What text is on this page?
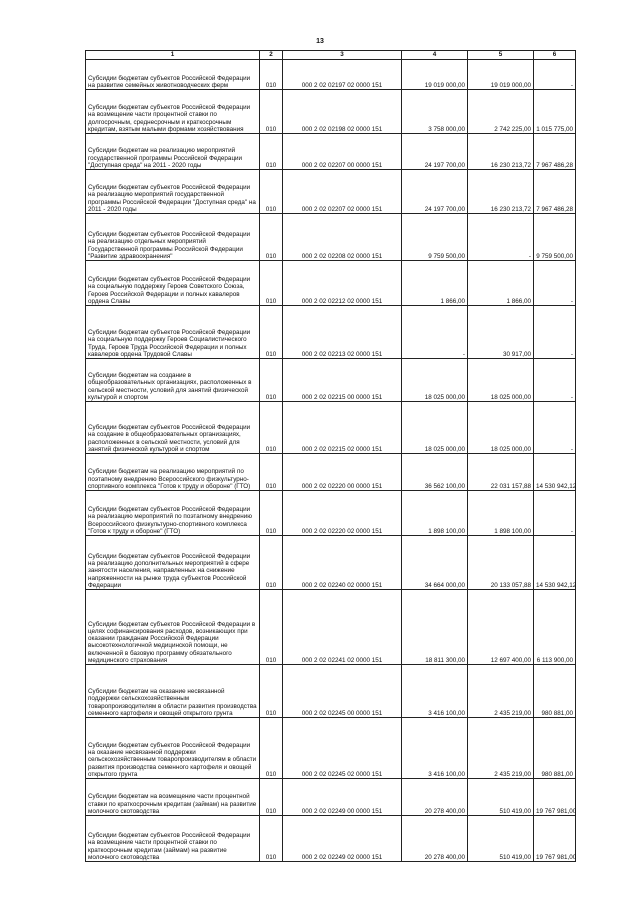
13
1	2	3	4	5	6
Субсидии бюджетам субъектов Российской Федерации на развитие семейных животноводческих ферм	010	000 2 02 02197 02 0000 151	19 019 000,00	19 019 000,00	-
Субсидии бюджетам субъектов Российской Федерации на возмещение части процентной ставки по долгосрочным, среднесрочным и краткосрочным кредитам, взятым малыми формами хозяйствования	010	000 2 02 02198 02 0000 151	3 758 000,00	2 742 225,00	1 015 775,00
Субсидии бюджетам на реализацию мероприятий государственной программы Российской Федерации "Доступная среда" на 2011 - 2020 годы	010	000 2 02 02207 00 0000 151	24 197 700,00	16 230 213,72	7 967 486,28
Субсидии бюджетам субъектов Российской Федерации на реализацию мероприятий государственной программы Российской Федерации "Доступная среда" на 2011 - 2020 годы	010	000 2 02 02207 02 0000 151	24 197 700,00	16 230 213,72	7 967 486,28
Субсидии бюджетам субъектов Российской Федерации на реализацию отдельных мероприятий Государственной программы Российской Федерации "Развитие здравоохранения"	010	000 2 02 02208 02 0000 151	9 759 500,00	-	9 759 500,00
Субсидии бюджетам субъектов Российской Федерации на социальную поддержку Героев Советского Союза, Героев Российской Федерации и полных кавалеров ордена Славы	010	000 2 02 02212 02 0000 151	1 866,00	1 866,00	-
Субсидии бюджетам субъектов Российской Федерации на социальную поддержку Героев Социалистического Труда, Героев Труда Российской Федерации и полных кавалеров ордена Трудовой Славы	010	000 2 02 02213 02 0000 151	-	30 917,00	-
Субсидии бюджетам на создание в общеобразовательных организациях, расположенных в сельской местности, условий для занятий физической культурой и спортом	010	000 2 02 02215 00 0000 151	18 025 000,00	18 025 000,00	-
Субсидии бюджетам субъектов Российской Федерации на создание в общеобразовательных организациях, расположенных в сельской местности, условий для занятий физической культурой и спортом	010	000 2 02 02215 02 0000 151	18 025 000,00	18 025 000,00	-
Субсидии бюджетам на реализацию мероприятий по поэтапному внедрению Всероссийского физкультурно-спортивного комплекса "Готов к труду и обороне" (ГТО)	010	000 2 02 02220 00 0000 151	36 562 100,00	22 031 157,88	14 530 942,12
Субсидии бюджетам субъектов Российской Федерации на реализацию мероприятий по поэтапному внедрению Всероссийского физкультурно-спортивного комплекса "Готов к труду и обороне" (ГТО)	010	000 2 02 02220 02 0000 151	1 898 100,00	1 898 100,00	-
Субсидии бюджетам субъектов Российской Федерации на реализацию дополнительных мероприятий в сфере занятости населения, направленных на снижение напряженности на рынке труда субъектов Российской Федерации	010	000 2 02 02240 02 0000 151	34 664 000,00	20 133 057,88	14 530 942,12
Субсидии бюджетам субъектов Российской Федерации в целях софинансирования расходов, возникающих при оказании гражданам Российской Федерации высокотехнологичной медицинской помощи, не включенной в базовую программу обязательного медицинского страхования	010	000 2 02 02241 02 0000 151	18 811 300,00	12 697 400,00	6 113 900,00
Субсидии бюджетам на оказание несвязанной поддержки сельскохозяйственным товаропроизводителям в области развития производства семенного картофеля и овощей открытого грунта	010	000 2 02 02245 00 0000 151	3 416 100,00	2 435 219,00	980 881,00
Субсидии бюджетам субъектов Российской Федерации на оказание несвязанной поддержки сельскохозяйственным товаропроизводителям в области развития производства семенного картофеля и овощей открытого грунта	010	000 2 02 02245 02 0000 151	3 416 100,00	2 435 219,00	980 881,00
Субсидии бюджетам на возмещение части процентной ставки по краткосрочным кредитам (займам) на развитие молочного скотоводства	010	000 2 02 02249 00 0000 151	20 278 400,00	510 419,00	19 767 981,00
Субсидии бюджетам субъектов Российской Федерации на возмещение части процентной ставки по краткосрочным кредитам (займам) на развитие молочного скотоводства	010	000 2 02 02249 02 0000 151	20 278 400,00	510 419,00	19 767 981,00
